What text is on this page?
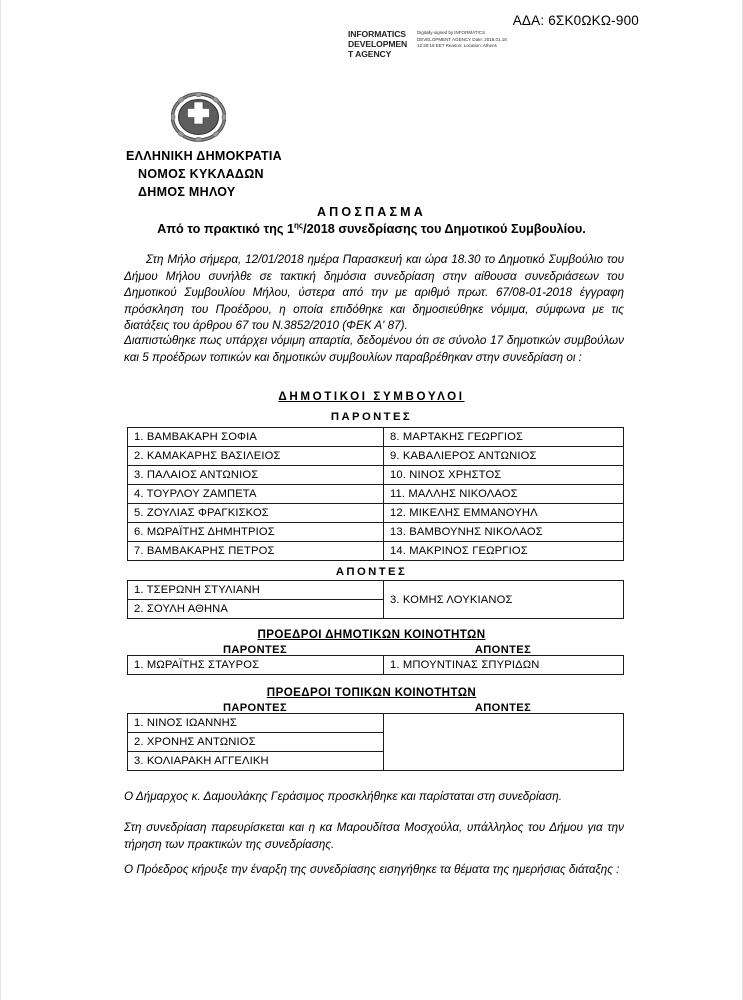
ΑΔΑ: 6ΣΚ0ΩΚΩ-900
INFORMATICS DEVELOPMEN T AGENCY
Digitally signed by INFORMATICS DEVELOPMENT AGENCY Date: 2018.01.18 12:20:18 EET Reason: Location: Athens
ΕΛΛΗΝΙΚΗ ΔΗΜΟΚΡΑΤΙΑ
ΝΟΜΟΣ ΚΥΚΛΑΔΩΝ
ΔΗΜΟΣ ΜΗΛΟΥ
ΑΠΟΣΠΑΣΜΑ
Από το πρακτικό της $1^{\eta\varsigma}/2018$ συνεδρίασης του Δημοτικού Συμβουλίου.
Στη Μήλο σήμερα, 12/01/2018 ημέρα Παρασκευή και ώρα 18.30 το Δημοτικό Συμβούλιο του Δήμου Μήλου συνήλθε σε τακτική δημόσια συνεδρίαση στην αίθουσα συνεδριάσεων του Δημοτικού Συμβουλίου Μήλου, ύστερα από την με αριθμό πρωτ. 67/08-01-2018 έγγραφη πρόσκληση του Προέδρου, η οποία επιδόθηκε και δημοσιεύθηκε νόμιμα, σύμφωνα με τις διατάξεις του άρθρου 67 του Ν.3852/2010 (ΦΕΚ Α' 87).
Διαπιστώθηκε πως υπάρχει νόμιμη απαρτία, δεδομένου ότι σε σύνολο 17 δημοτικών συμβούλων και 5 προέδρων τοπικών και δημοτικών συμβουλίων παραβρέθηκαν στην συνεδρίαση οι :
ΔΗΜΟΤΙΚΟΙ ΣΥΜΒΟΥΛΟΙ
ΠΑΡΟΝΤΕΣ
1. ΒΑΜΒΑΚΑΡΗ ΣΟΦΙΑ	8. ΜΑΡΤΑΚΗΣ ΓΕΩΡΓΙΟΣ
2. ΚΑΜΑΚΑΡΗΣ ΒΑΣΙΛΕΙΟΣ	9. ΚΑΒΑΛΙΕΡΟΣ ΑΝΤΩΝΙΟΣ
3. ΠΑΛΑΙΟΣ ΑΝΤΩΝΙΟΣ	10. ΝΙΝΟΣ ΧΡΗΣΤΟΣ
4. ΤΟΥΡΛΟΥ ΖΑΜΠΕΤΑ	11. ΜΑΛΛΗΣ ΝΙΚΟΛΑΟΣ
5. ΖΟΥΛΙΑΣ ΦΡΑΓΚΙΣΚΟΣ	12. ΜΙΚΕΛΗΣ ΕΜΜΑΝΟΥΗΛ
6. ΜΩΡΑΪΤΗΣ ΔΗΜΗΤΡΙΟΣ	13. ΒΑΜΒΟΥΝΗΣ ΝΙΚΟΛΑΟΣ
7. ΒΑΜΒΑΚΑΡΗΣ ΠΕΤΡΟΣ	14. ΜΑΚΡΙΝΟΣ ΓΕΩΡΓΙΟΣ
ΑΠΟΝΤΕΣ
1. ΤΣΕΡΩΝΗ ΣΤΥΛΙΑΝΗ	3. ΚΟΜΗΣ ΛΟΥΚΙΑΝΟΣ
2. ΣΟΥΛΗ ΑΘΗΝΑ
ΠΡΟΕΔΡΟΙ ΔΗΜΟΤΙΚΩΝ ΚΟΙΝΟΤΗΤΩΝ
ΠΑΡΟΝΤΕΣ	ΑΠΟΝΤΕΣ
1. ΜΩΡΑΪΤΗΣ ΣΤΑΥΡΟΣ	1. ΜΠΟΥΝΤΙΝΑΣ ΣΠΥΡΙΔΩΝ
ΠΡΟΕΔΡΟΙ ΤΟΠΙΚΩΝ ΚΟΙΝΟΤΗΤΩΝ
ΠΑΡΟΝΤΕΣ	ΑΠΟΝΤΕΣ
1. ΝΙΝΟΣ ΙΩΑΝΝΗΣ	
2. ΧΡΟΝΗΣ ΑΝΤΩΝΙΟΣ
3. ΚΟΛΙΑΡΑΚΗ ΑΓΓΕΛΙΚΗ
Ο Δήμαρχος κ. Δαμουλάκης Γεράσιμος προσκλήθηκε και παρίσταται στη συνεδρίαση.
Στη συνεδρίαση παρευρίσκεται και η κα Μαρουδίτσα Μοσχούλα, υπάλληλος του Δήμου για την τήρηση των πρακτικών της συνεδρίασης.
Ο Πρόεδρος κήρυξε την έναρξη της συνεδρίασης εισηγήθηκε τα θέματα της ημερήσιας διάταξης :
